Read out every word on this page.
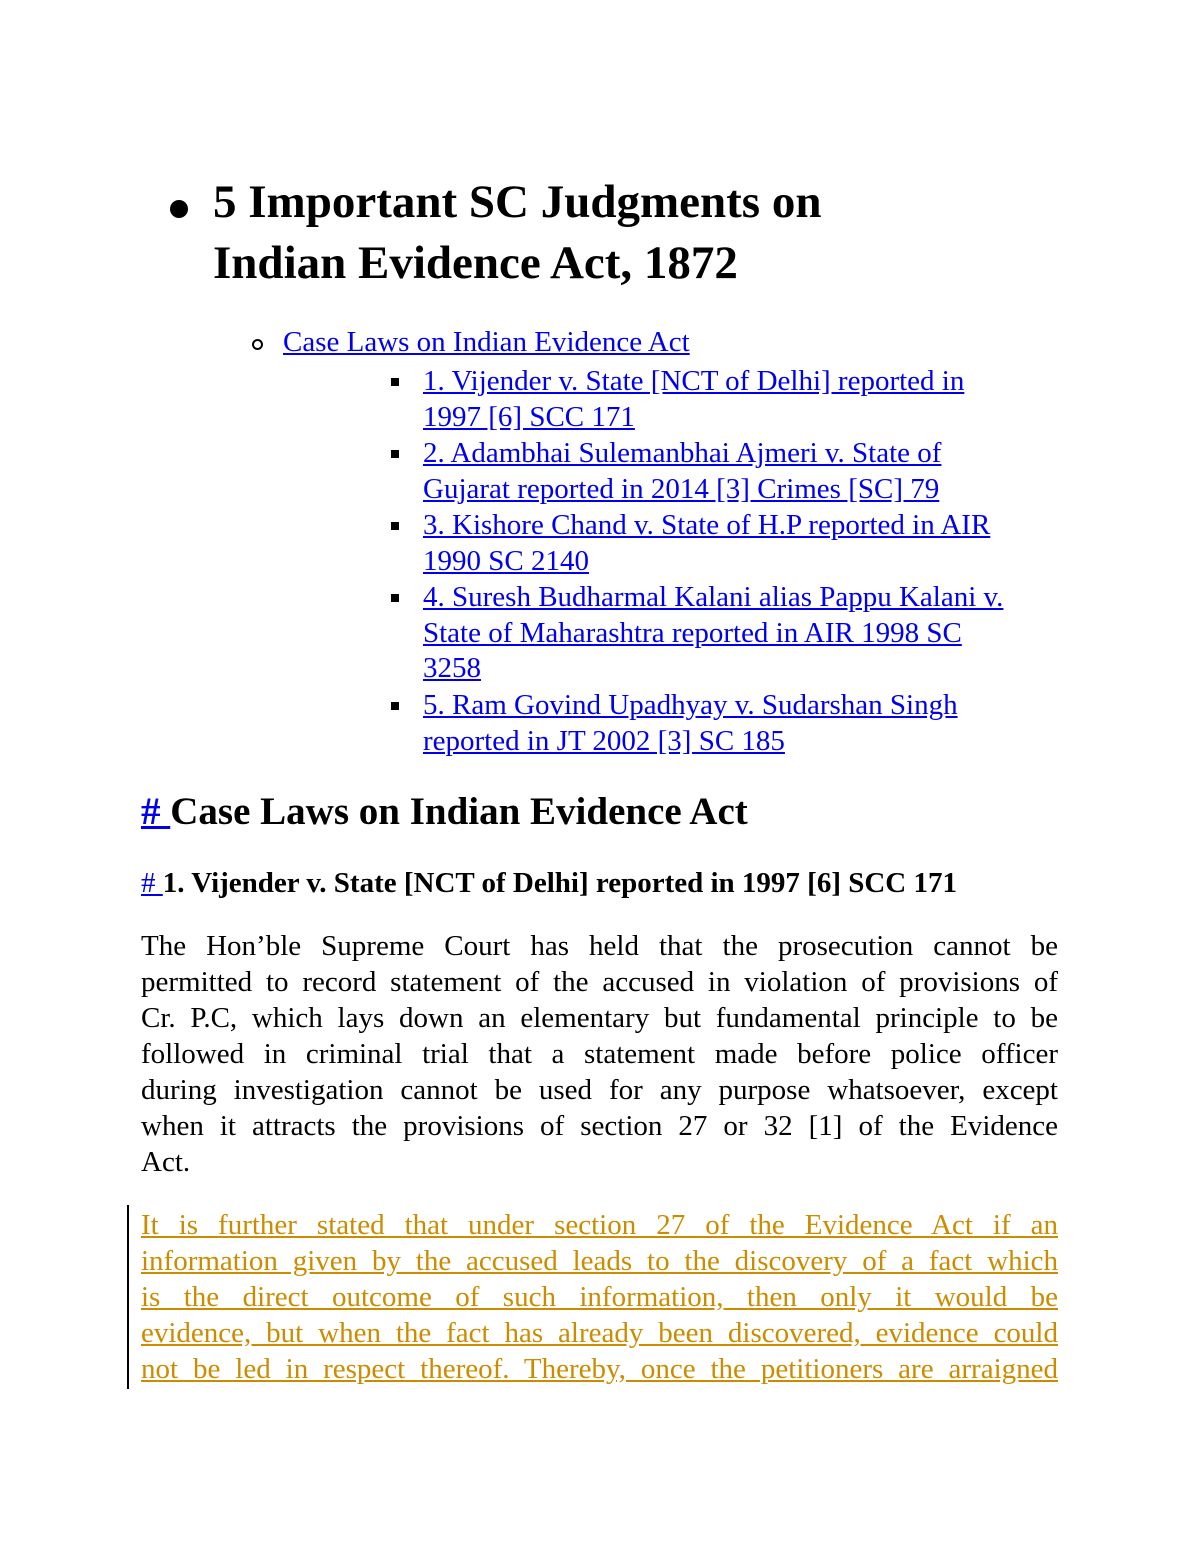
5 Important SC Judgments on
Indian Evidence Act, 1872
Case Laws on Indian Evidence Act
1. Vijender v. State [NCT of Delhi] reported in
1997 [6] SCC 171
2. Adambhai Sulemanbhai Ajmeri v. State of
Gujarat reported in 2014 [3] Crimes [SC] 79
3. Kishore Chand v. State of H.P reported in AIR
1990 SC 2140
4. Suresh Budharmal Kalani alias Pappu Kalani v.
State of Maharashtra reported in AIR 1998 SC
3258
5. Ram Govind Upadhyay v. Sudarshan Singh
reported in JT 2002 [3] SC 185
# Case Laws on Indian Evidence Act
# 1. Vijender v. State [NCT of Delhi] reported in 1997 [6] SCC 171

The Hon’ble Supreme Court has held that the prosecution cannot be
permitted to record statement of the accused in violation of provisions of
Cr. P.C, which lays down an elementary but fundamental principle to be
followed in criminal trial that a statement made before police officer
during investigation cannot be used for any purpose whatsoever, except
when it attracts the provisions of section 27 or 32 [1] of the Evidence
Act.

It is further stated that under section 27 of the Evidence Act if an
information given by the accused leads to the discovery of a fact which
is the direct outcome of such information, then only it would be
evidence, but when the fact has already been discovered, evidence could
not be led in respect thereof. Thereby, once the petitioners are arraigned
